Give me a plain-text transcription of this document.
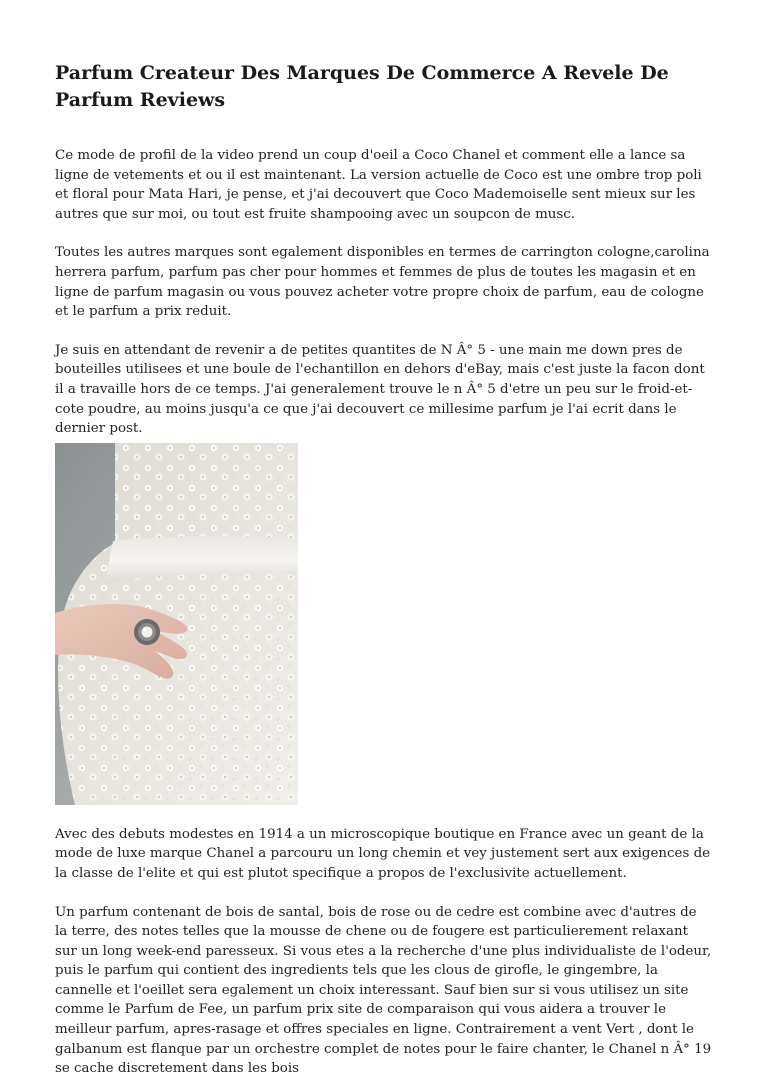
Parfum Createur Des Marques De Commerce A Revele De Parfum Reviews

Ce mode de profil de la video prend un coup d'oeil a Coco Chanel et comment elle a lance sa ligne de vetements et ou il est maintenant. La version actuelle de Coco est une ombre trop poli et floral pour Mata Hari, je pense, et j'ai decouvert que Coco Mademoiselle sent mieux sur les autres que sur moi, ou tout est fruite shampooing avec un soupcon de musc.

Toutes les autres marques sont egalement disponibles en termes de carrington cologne,carolina herrera parfum, parfum pas cher pour hommes et femmes de plus de toutes les magasin et en ligne de parfum magasin ou vous pouvez acheter votre propre choix de parfum, eau de cologne et le parfum a prix reduit.

Je suis en attendant de revenir a de petites quantites de N Â° 5 - une main me down pres de bouteilles utilisees et une boule de l'echantillon en dehors d'eBay, mais c'est juste la facon dont il a travaille hors de ce temps. J'ai generalement trouve le n Â° 5 d'etre un peu sur le froid-et-cote poudre, au moins jusqu'a ce que j'ai decouvert ce millesime parfum je l'ai ecrit dans le dernier post.

Avec des debuts modestes en 1914 a un microscopique boutique en France avec un geant de la mode de luxe marque Chanel a parcouru un long chemin et vey justement sert aux exigences de la classe de l'elite et qui est plutot specifique a propos de l'exclusivite actuellement.

Un parfum contenant de bois de santal, bois de rose ou de cedre est combine avec d'autres de la terre, des notes telles que la mousse de chene ou de fougere est particulierement relaxant sur un long week-end paresseux. Si vous etes a la recherche d'une plus individualiste de l'odeur, puis le parfum qui contient des ingredients tels que les clous de girofle, le gingembre, la cannelle et l'oeillet sera egalement un choix interessant. Sauf bien sur si vous utilisez un site comme le Parfum de Fee, un parfum prix site de comparaison qui vous aidera a trouver le meilleur parfum, apres-rasage et offres speciales en ligne. Contrairement a vent Vert , dont le galbanum est flanque par un orchestre complet de notes pour le faire chanter, le Chanel n Â° 19 se cache discretement dans les bois
